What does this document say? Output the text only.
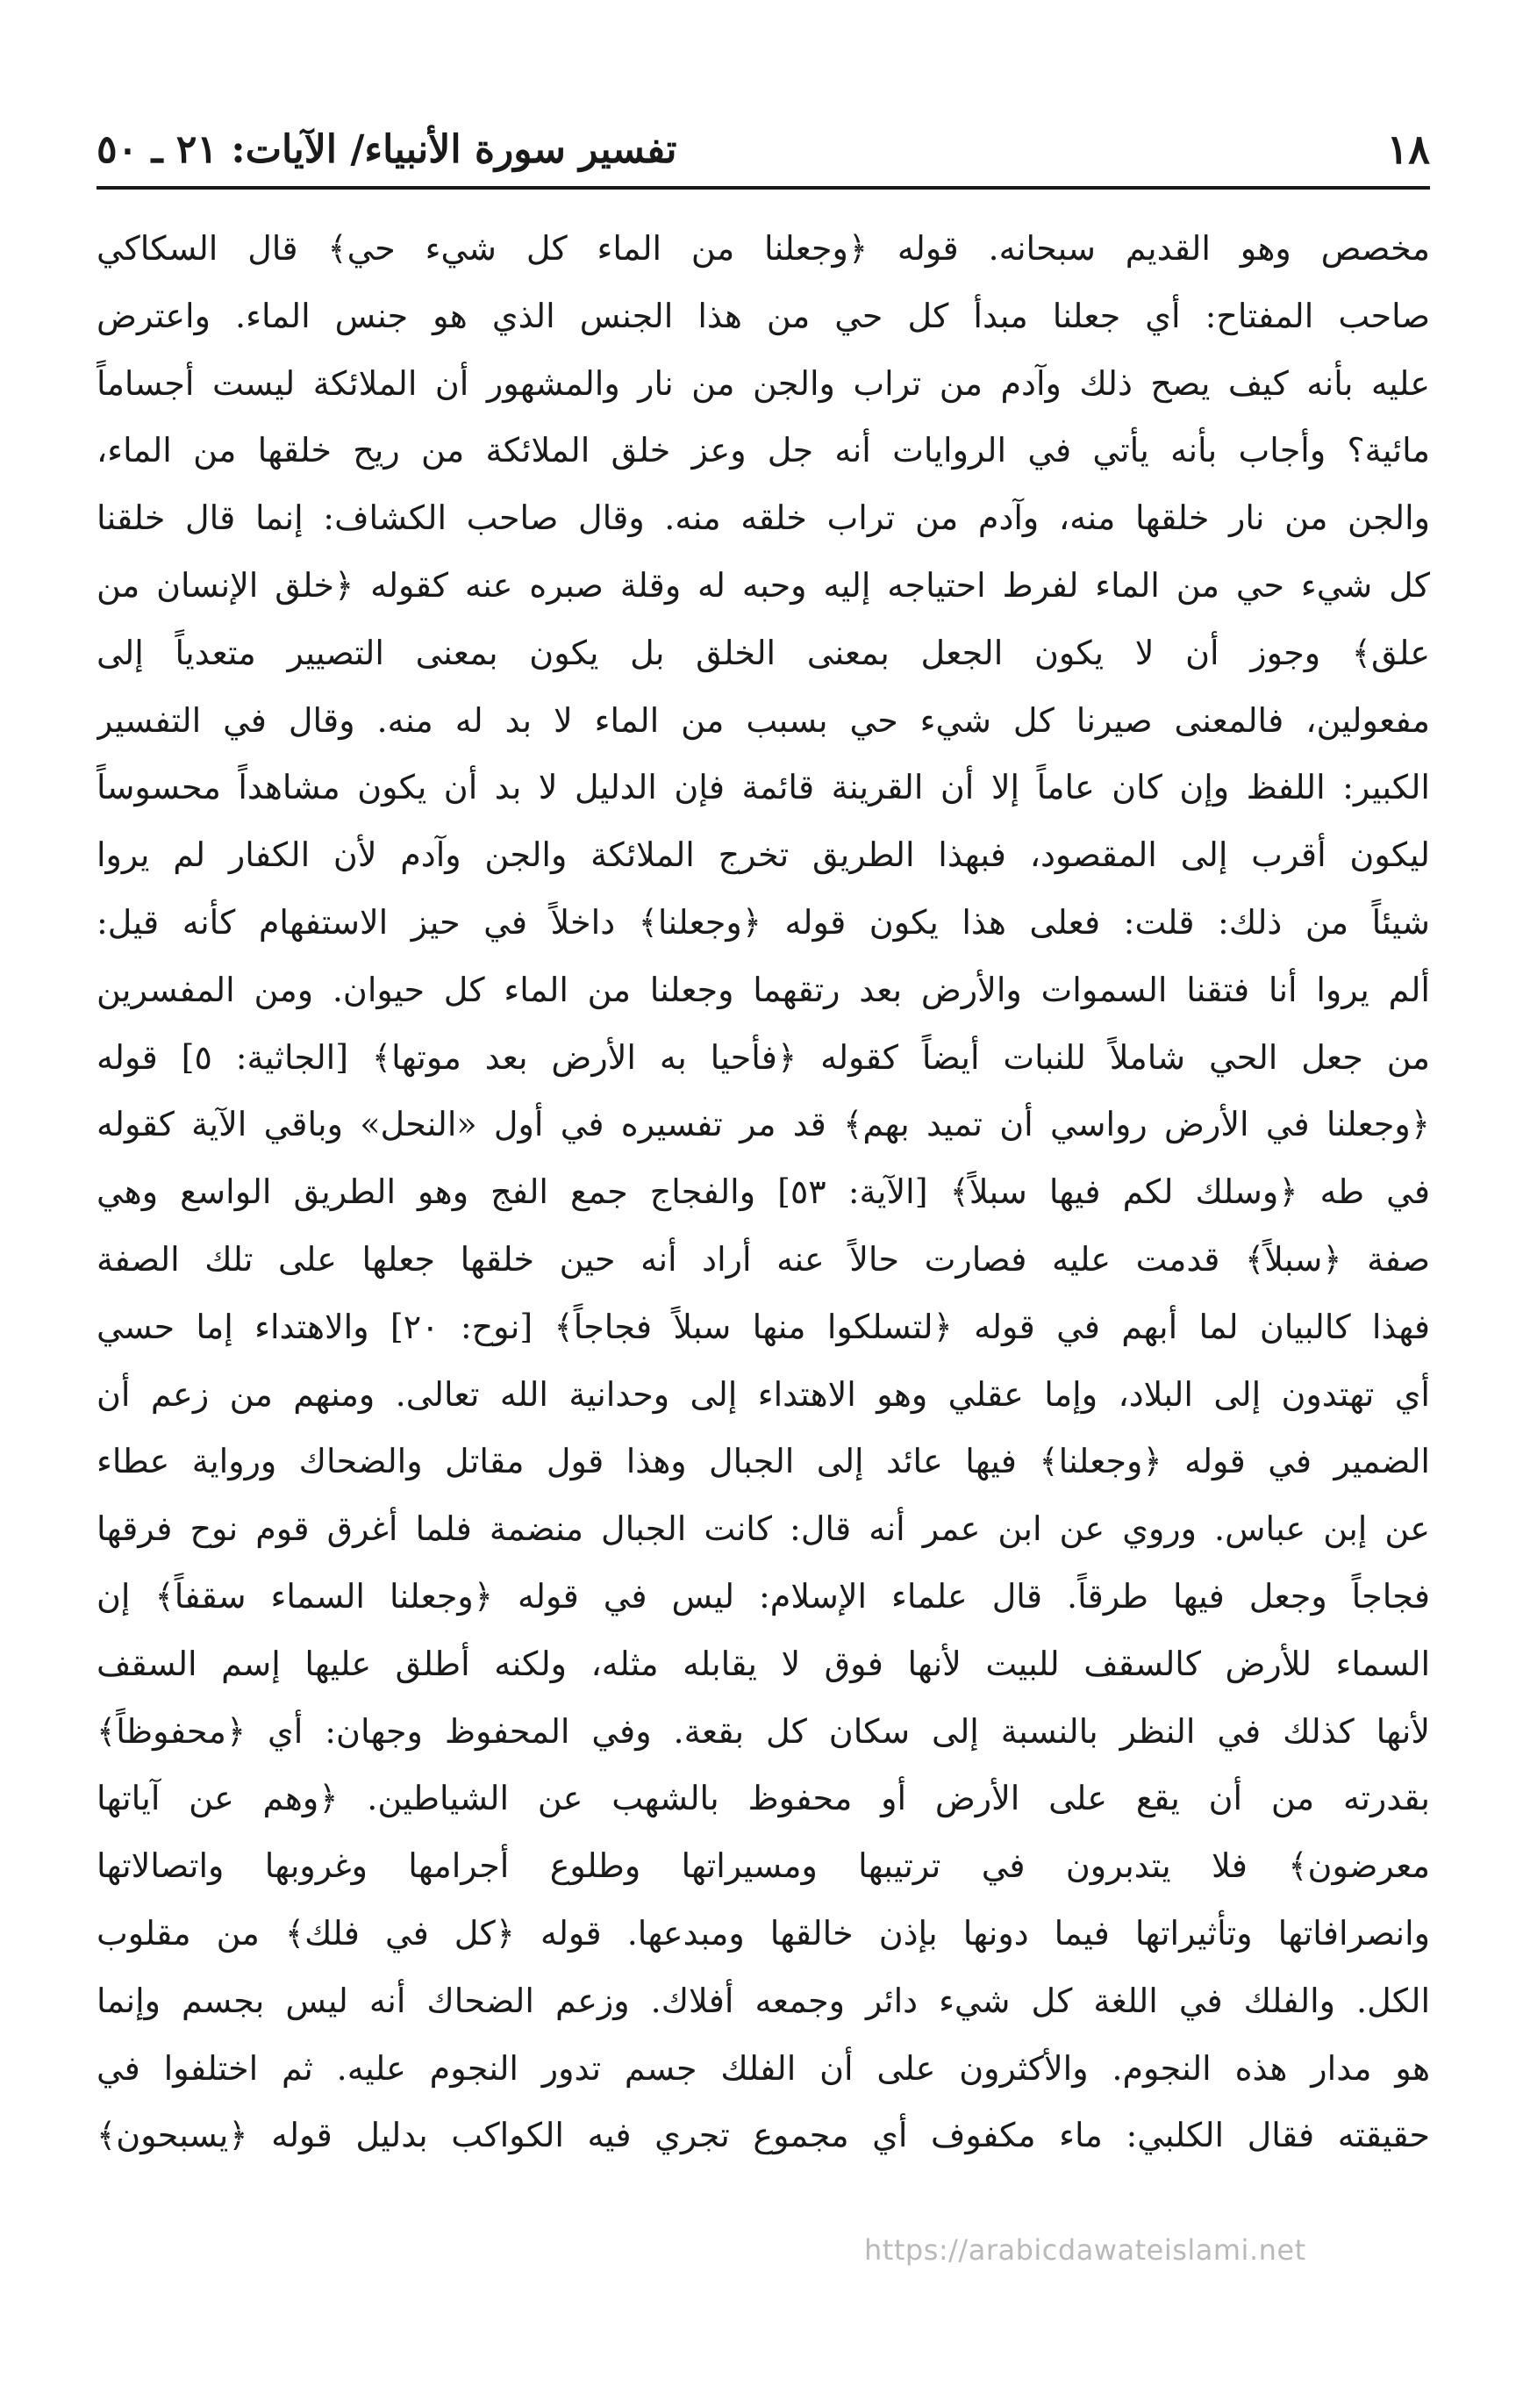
١٨
تفسير سورة الأنبياء/ الآيات: ٢١ ـ ٥٠
مخصص وهو القديم سبحانه. قوله ﴿وجعلنا من الماء كل شيء حي﴾ قال السكاكي
صاحب المفتاح: أي جعلنا مبدأ كل حي من هذا الجنس الذي هو جنس الماء. واعترض
عليه بأنه كيف يصح ذلك وآدم من تراب والجن من نار والمشهور أن الملائكة ليست أجساماً
مائية؟ وأجاب بأنه يأتي في الروايات أنه جل وعز خلق الملائكة من ريح خلقها من الماء،
والجن من نار خلقها منه، وآدم من تراب خلقه منه. وقال صاحب الكشاف: إنما قال خلقنا
كل شيء حي من الماء لفرط احتياجه إليه وحبه له وقلة صبره عنه كقوله ﴿خلق الإنسان من
علق﴾ وجوز أن لا يكون الجعل بمعنى الخلق بل يكون بمعنى التصيير متعدياً إلى
مفعولين، فالمعنى صيرنا كل شيء حي بسبب من الماء لا بد له منه. وقال في التفسير
الكبير: اللفظ وإن كان عاماً إلا أن القرينة قائمة فإن الدليل لا بد أن يكون مشاهداً محسوساً
ليكون أقرب إلى المقصود، فبهذا الطريق تخرج الملائكة والجن وآدم لأن الكفار لم يروا
شيئاً من ذلك: قلت: فعلى هذا يكون قوله ﴿وجعلنا﴾ داخلاً في حيز الاستفهام كأنه قيل:
ألم يروا أنا فتقنا السموات والأرض بعد رتقهما وجعلنا من الماء كل حيوان. ومن المفسرين
من جعل الحي شاملاً للنبات أيضاً كقوله ﴿فأحيا به الأرض بعد موتها﴾ [الجاثية: ٥] قوله
﴿وجعلنا في الأرض رواسي أن تميد بهم﴾ قد مر تفسيره في أول «النحل» وباقي الآية كقوله
في طه ﴿وسلك لكم فيها سبلاً﴾ [الآية: ٥٣] والفجاج جمع الفج وهو الطريق الواسع وهي
صفة ﴿سبلاً﴾ قدمت عليه فصارت حالاً عنه أراد أنه حين خلقها جعلها على تلك الصفة
فهذا كالبيان لما أبهم في قوله ﴿لتسلكوا منها سبلاً فجاجاً﴾ [نوح: ٢٠] والاهتداء إما حسي
أي تهتدون إلى البلاد، وإما عقلي وهو الاهتداء إلى وحدانية الله تعالى. ومنهم من زعم أن
الضمير في قوله ﴿وجعلنا﴾ فيها عائد إلى الجبال وهذا قول مقاتل والضحاك ورواية عطاء
عن إبن عباس. وروي عن ابن عمر أنه قال: كانت الجبال منضمة فلما أغرق قوم نوح فرقها
فجاجاً وجعل فيها طرقاً. قال علماء الإسلام: ليس في قوله ﴿وجعلنا السماء سقفاً﴾ إن
السماء للأرض كالسقف للبيت لأنها فوق لا يقابله مثله، ولكنه أطلق عليها إسم السقف
لأنها كذلك في النظر بالنسبة إلى سكان كل بقعة. وفي المحفوظ وجهان: أي ﴿محفوظاً﴾
بقدرته من أن يقع على الأرض أو محفوظ بالشهب عن الشياطين. ﴿وهم عن آياتها
معرضون﴾ فلا يتدبرون في ترتيبها ومسيراتها وطلوع أجرامها وغروبها واتصالاتها
وانصرافاتها وتأثيراتها فيما دونها بإذن خالقها ومبدعها. قوله ﴿كل في فلك﴾ من مقلوب
الكل. والفلك في اللغة كل شيء دائر وجمعه أفلاك. وزعم الضحاك أنه ليس بجسم وإنما
هو مدار هذه النجوم. والأكثرون على أن الفلك جسم تدور النجوم عليه. ثم اختلفوا في
حقيقته فقال الكلبي: ماء مكفوف أي مجموع تجري فيه الكواكب بدليل قوله ﴿يسبحون﴾
https://arabicdawateislami.net
